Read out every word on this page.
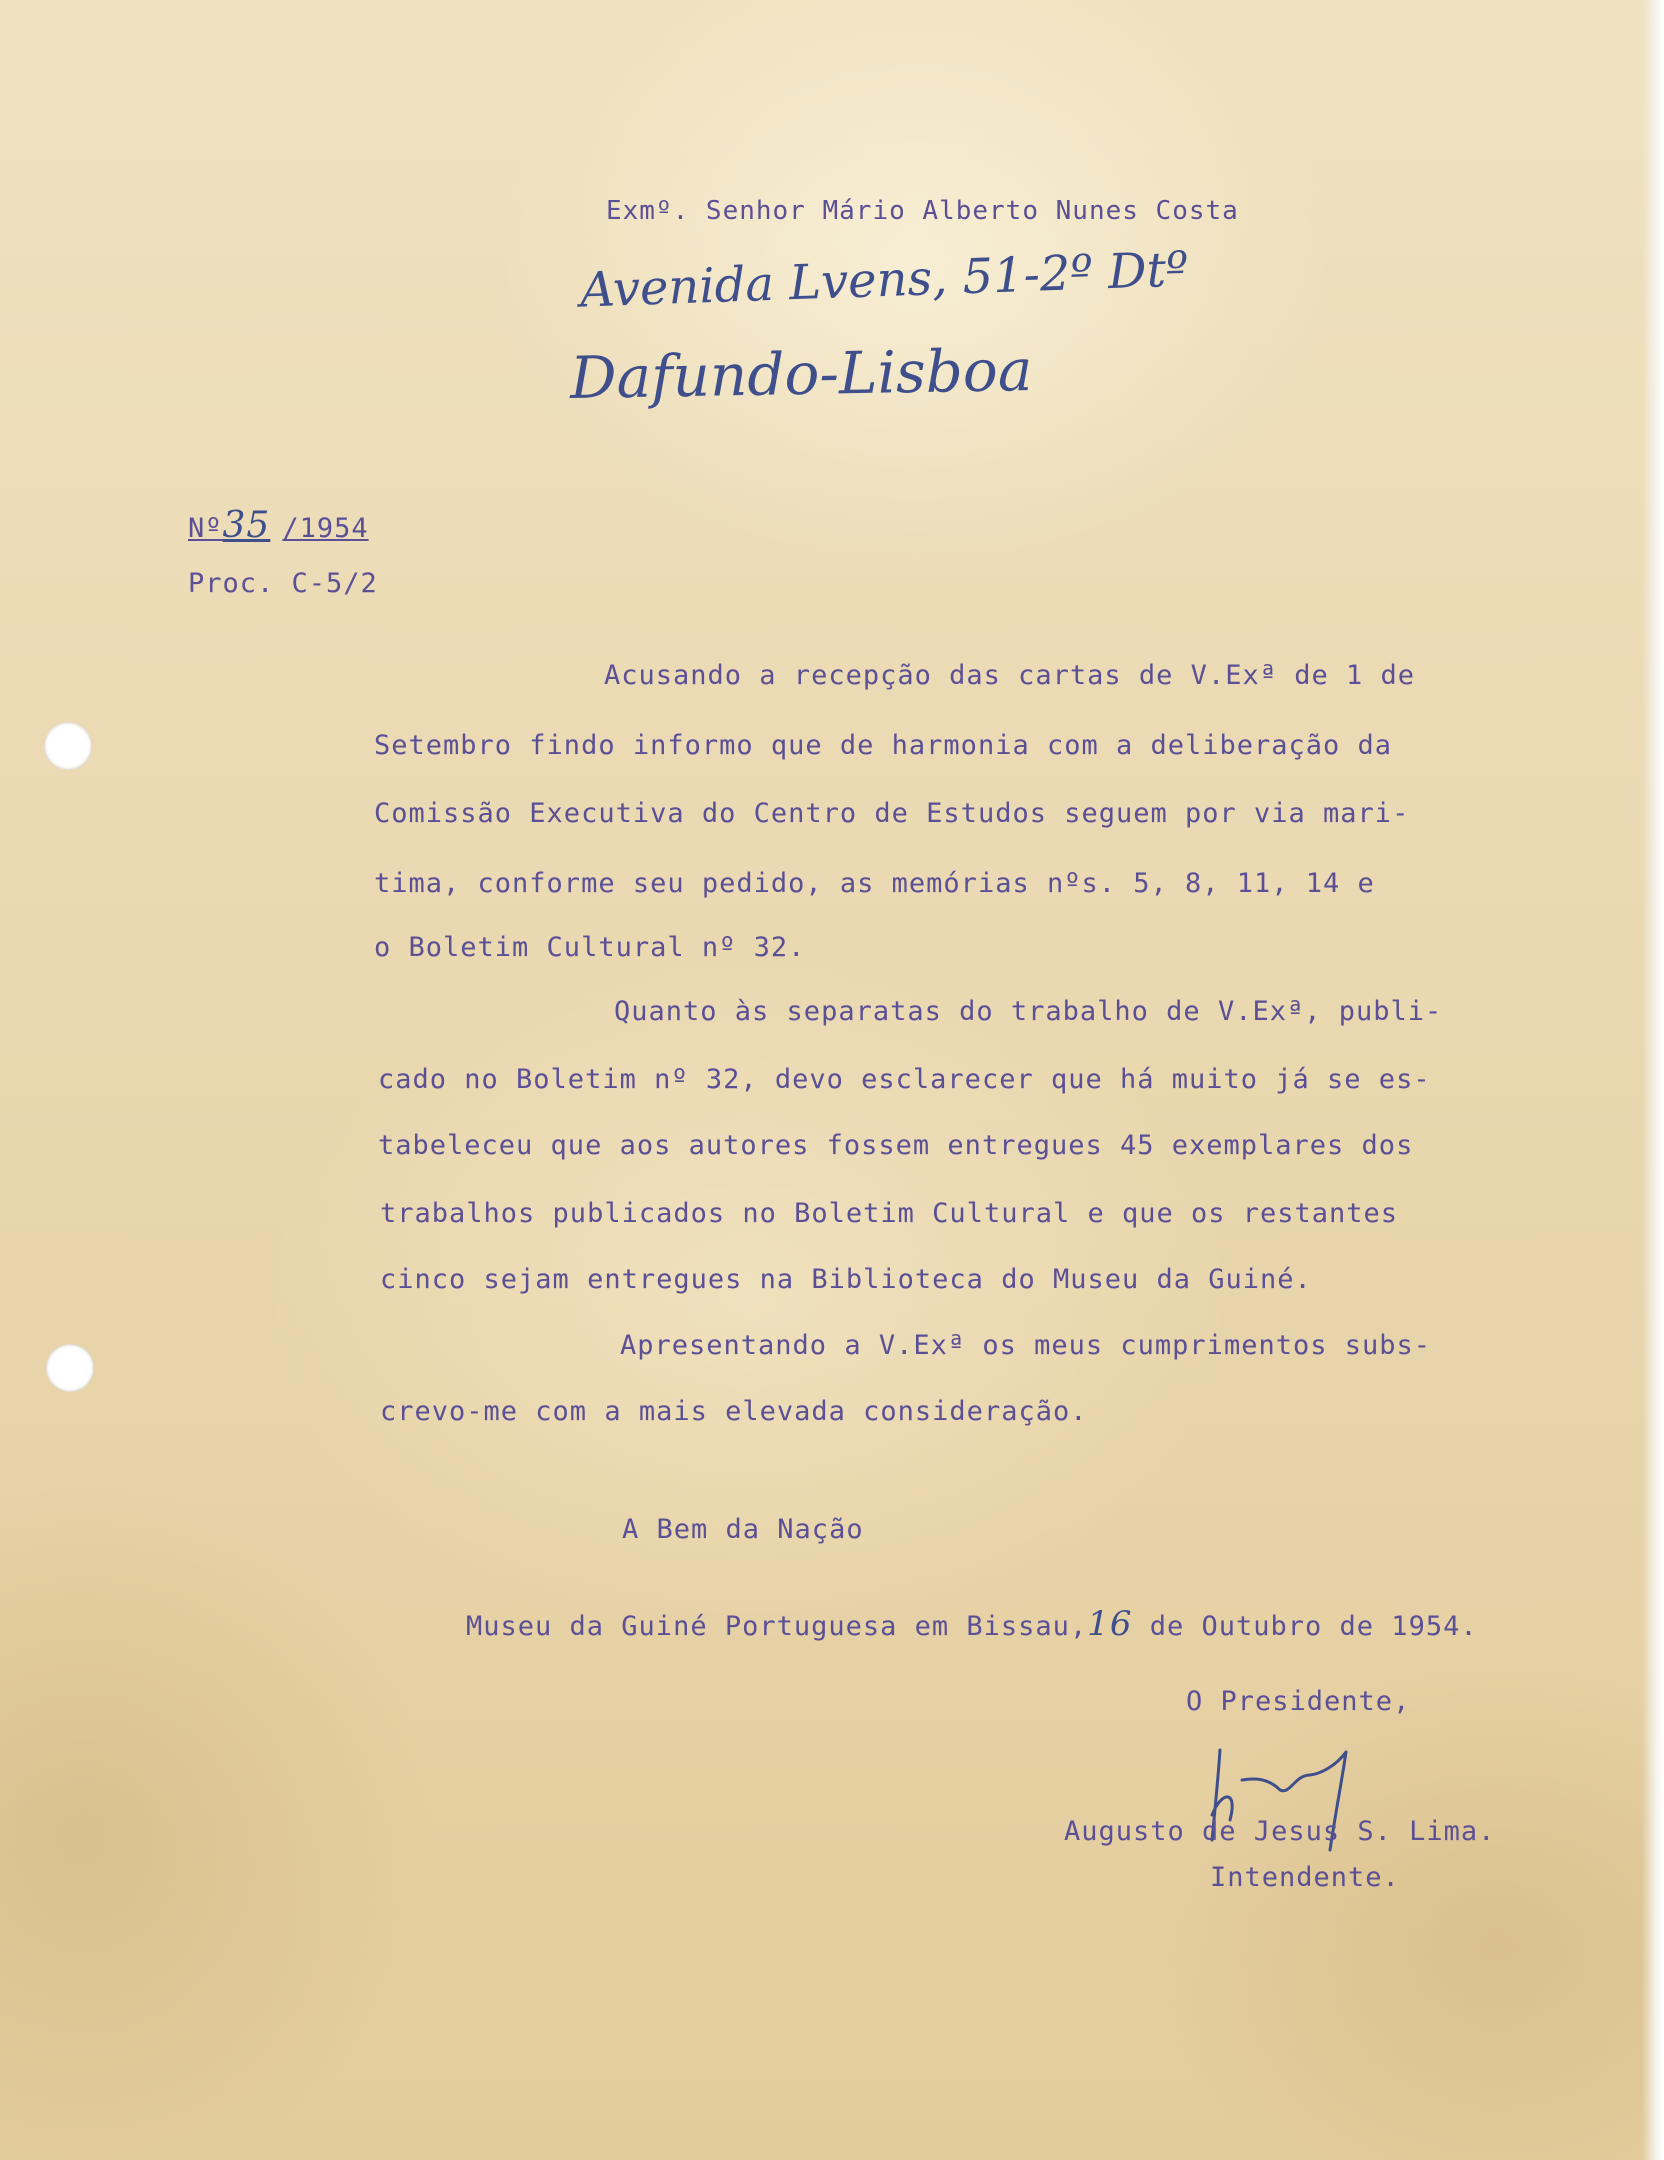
Exmº. Senhor Mário Alberto Nunes Costa
Avenida Lvens, 51-2º Dtº
Dafundo-Lisboa
Nº35 /1954
Proc. C-5/2
Acusando a recepção das cartas de V.Exª de 1 de
Setembro findo informo que de harmonia com a deliberação da
Comissão Executiva do Centro de Estudos seguem por via mari-
tima, conforme seu pedido, as memórias nºs. 5, 8, 11, 14 e
o Boletim Cultural nº 32.
Quanto às separatas do trabalho de V.Exª, publi-
cado no Boletim nº 32, devo esclarecer que há muito já se es-
tabeleceu que aos autores fossem entregues 45 exemplares dos
trabalhos publicados no Boletim Cultural e que os restantes
cinco sejam entregues na Biblioteca do Museu da Guiné.
Apresentando a V.Exª os meus cumprimentos subs-
crevo-me com a mais elevada consideração.
A Bem da Nação
Museu da Guiné Portuguesa em Bissau,16 de Outubro de 1954.
O Presidente,
Augusto de Jesus S. Lima.
Intendente.
